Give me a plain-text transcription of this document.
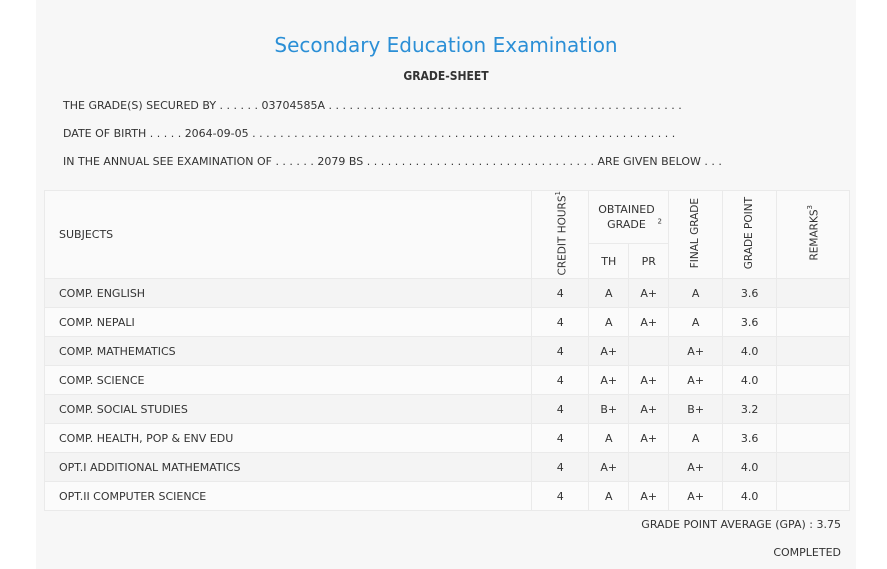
Secondary Education Examination
GRADE-SHEET
THE GRADE(S) SECURED BY . . . . . . 03704585A . . . . . . . . . . . . . . . . . . . . . . . . . . . . . . . . . . . . . . . . . . . . . . . . . . .
DATE OF BIRTH . . . . . 2064-09-05 . . . . . . . . . . . . . . . . . . . . . . . . . . . . . . . . . . . . . . . . . . . . . . . . . . . . . . . . . . . . .
IN THE ANNUAL SEE EXAMINATION OF . . . . . . 2079 BS . . . . . . . . . . . . . . . . . . . . . . . . . . . . . . . . . ARE GIVEN BELOW . . .
SUBJECTS	CREDIT HOURS$^1$	OBTAINED GRADE $^2$		FINAL GRADE	GRADE POINT	REMARKS$^3$
		TH	PR			
COMP. ENGLISH	4	A	A+	A	3.6	
COMP. NEPALI	4	A	A+	A	3.6	
COMP. MATHEMATICS	4	A+		A+	4.0	
COMP. SCIENCE	4	A+	A+	A+	4.0	
COMP. SOCIAL STUDIES	4	B+	A+	B+	3.2	
COMP. HEALTH, POP & ENV EDU	4	A	A+	A	3.6	
OPT.I ADDITIONAL MATHEMATICS	4	A+		A+	4.0	
OPT.II COMPUTER SCIENCE	4	A	A+	A+	4.0	
GRADE POINT AVERAGE (GPA) : 3.75
COMPLETED
